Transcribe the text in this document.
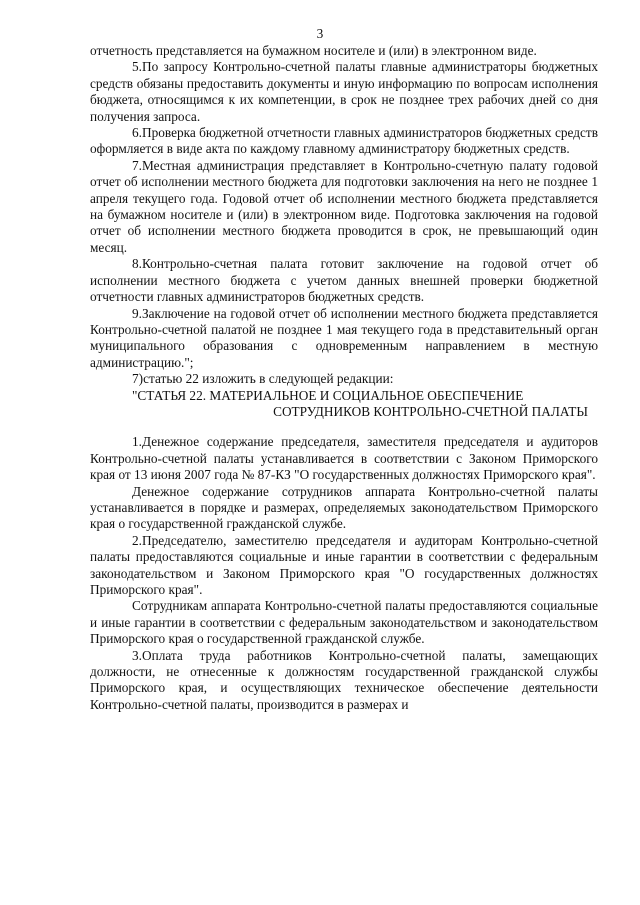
3

отчетность представляется на бумажном носителе и (или) в электронном виде.

5.По запросу Контрольно-счетной палаты главные администраторы бюджетных средств обязаны предоставить документы и иную информацию по вопросам исполнения бюджета, относящимся к их компетенции, в срок не позднее трех рабочих дней со дня получения запроса.

6.Проверка бюджетной отчетности главных администраторов бюджетных средств оформляется в виде акта по каждому главному администратору бюджетных средств.

7.Местная администрация представляет в Контрольно-счетную палату годовой отчет об исполнении местного бюджета для подготовки заключения на него не позднее 1 апреля текущего года. Годовой отчет об исполнении местного бюджета представляется на бумажном носителе и (или) в электронном виде. Подготовка заключения на годовой отчет об исполнении местного бюджета проводится в срок, не превышающий один месяц.

8.Контрольно-счетная палата готовит заключение на годовой отчет об исполнении местного бюджета с учетом данных внешней проверки бюджетной отчетности главных администраторов бюджетных средств.

9.Заключение на годовой отчет об исполнении местного бюджета представляется Контрольно-счетной палатой не позднее 1 мая текущего года в представительный орган муниципального образования с одновременным направлением в местную администрацию.";

7)статью 22 изложить в следующей редакции:

"СТАТЬЯ 22. МАТЕРИАЛЬНОЕ И СОЦИАЛЬНОЕ ОБЕСПЕЧЕНИЕ
СОТРУДНИКОВ КОНТРОЛЬНО-СЧЕТНОЙ ПАЛАТЫ

1.Денежное содержание председателя, заместителя председателя и аудиторов Контрольно-счетной палаты устанавливается в соответствии с Законом Приморского края от 13 июня 2007 года № 87-КЗ "О государственных должностях Приморского края".

Денежное содержание сотрудников аппарата Контрольно-счетной палаты устанавливается в порядке и размерах, определяемых законодательством Приморского края о государственной гражданской службе.

2.Председателю, заместителю председателя и аудиторам Контрольно-счетной палаты предоставляются социальные и иные гарантии в соответствии с федеральным законодательством и Законом Приморского края "О государственных должностях Приморского края".

Сотрудникам аппарата Контрольно-счетной палаты предоставляются социальные и иные гарантии в соответствии с федеральным законодательством и законодательством Приморского края о государственной гражданской службе.

3.Оплата труда работников Контрольно-счетной палаты, замещающих должности, не отнесенные к должностям государственной гражданской службы Приморского края, и осуществляющих техническое обеспечение деятельности Контрольно-счетной палаты, производится в размерах и
